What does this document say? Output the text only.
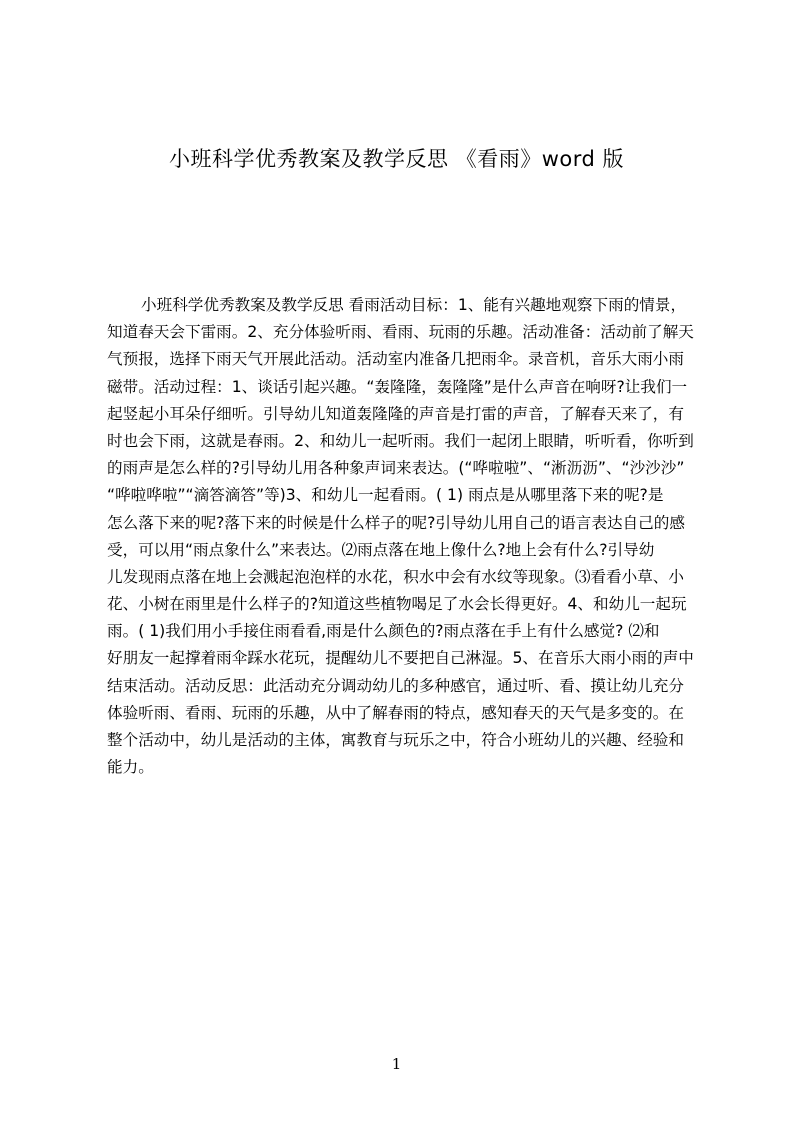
小班科学优秀教案及教学反思 《看雨》word 版
小班科学优秀教案及教学反思 看雨活动目标：1、能有兴趣地观察下雨的情景，
知道春天会下雷雨。2、充分体验听雨、看雨、玩雨的乐趣。活动准备：活动前了解天
气预报，选择下雨天气开展此活动。活动室内准备几把雨伞。录音机，音乐大雨小雨
磁带。活动过程：1、谈话引起兴趣。“轰隆隆，轰隆隆”是什么声音在响呀?让我们一
起竖起小耳朵仔细听。引导幼儿知道轰隆隆的声音是打雷的声音，了解春天来了，有
时也会下雨，这就是春雨。2、和幼儿一起听雨。我们一起闭上眼睛，听听看，你听到
的雨声是怎么样的?引导幼儿用各种象声词来表达。(“哗啦啦”、“淅沥沥”、“沙沙沙”
“哗啦哗啦”“滴答滴答”等)3、和幼儿一起看雨。( 1) 雨点是从哪里落下来的呢?是
怎么落下来的呢?落下来的时候是什么样子的呢?引导幼儿用自己的语言表达自己的感
受，可以用“雨点象什么”来表达。⑵雨点落在地上像什么?地上会有什么?引导幼
儿发现雨点落在地上会溅起泡泡样的水花，积水中会有水纹等现象。⑶看看小草、小
花、小树在雨里是什么样子的?知道这些植物喝足了水会长得更好。4、和幼儿一起玩
雨。( 1)我们用小手接住雨看看,雨是什么颜色的?雨点落在手上有什么感觉? ⑵和
好朋友一起撑着雨伞踩水花玩，提醒幼儿不要把自己淋湿。5、在音乐大雨小雨的声中
结束活动。活动反思：此活动充分调动幼儿的多种感官，通过听、看、摸让幼儿充分
体验听雨、看雨、玩雨的乐趣，从中了解春雨的特点，感知春天的天气是多变的。在
整个活动中，幼儿是活动的主体，寓教育与玩乐之中，符合小班幼儿的兴趣、经验和
能力。
1
